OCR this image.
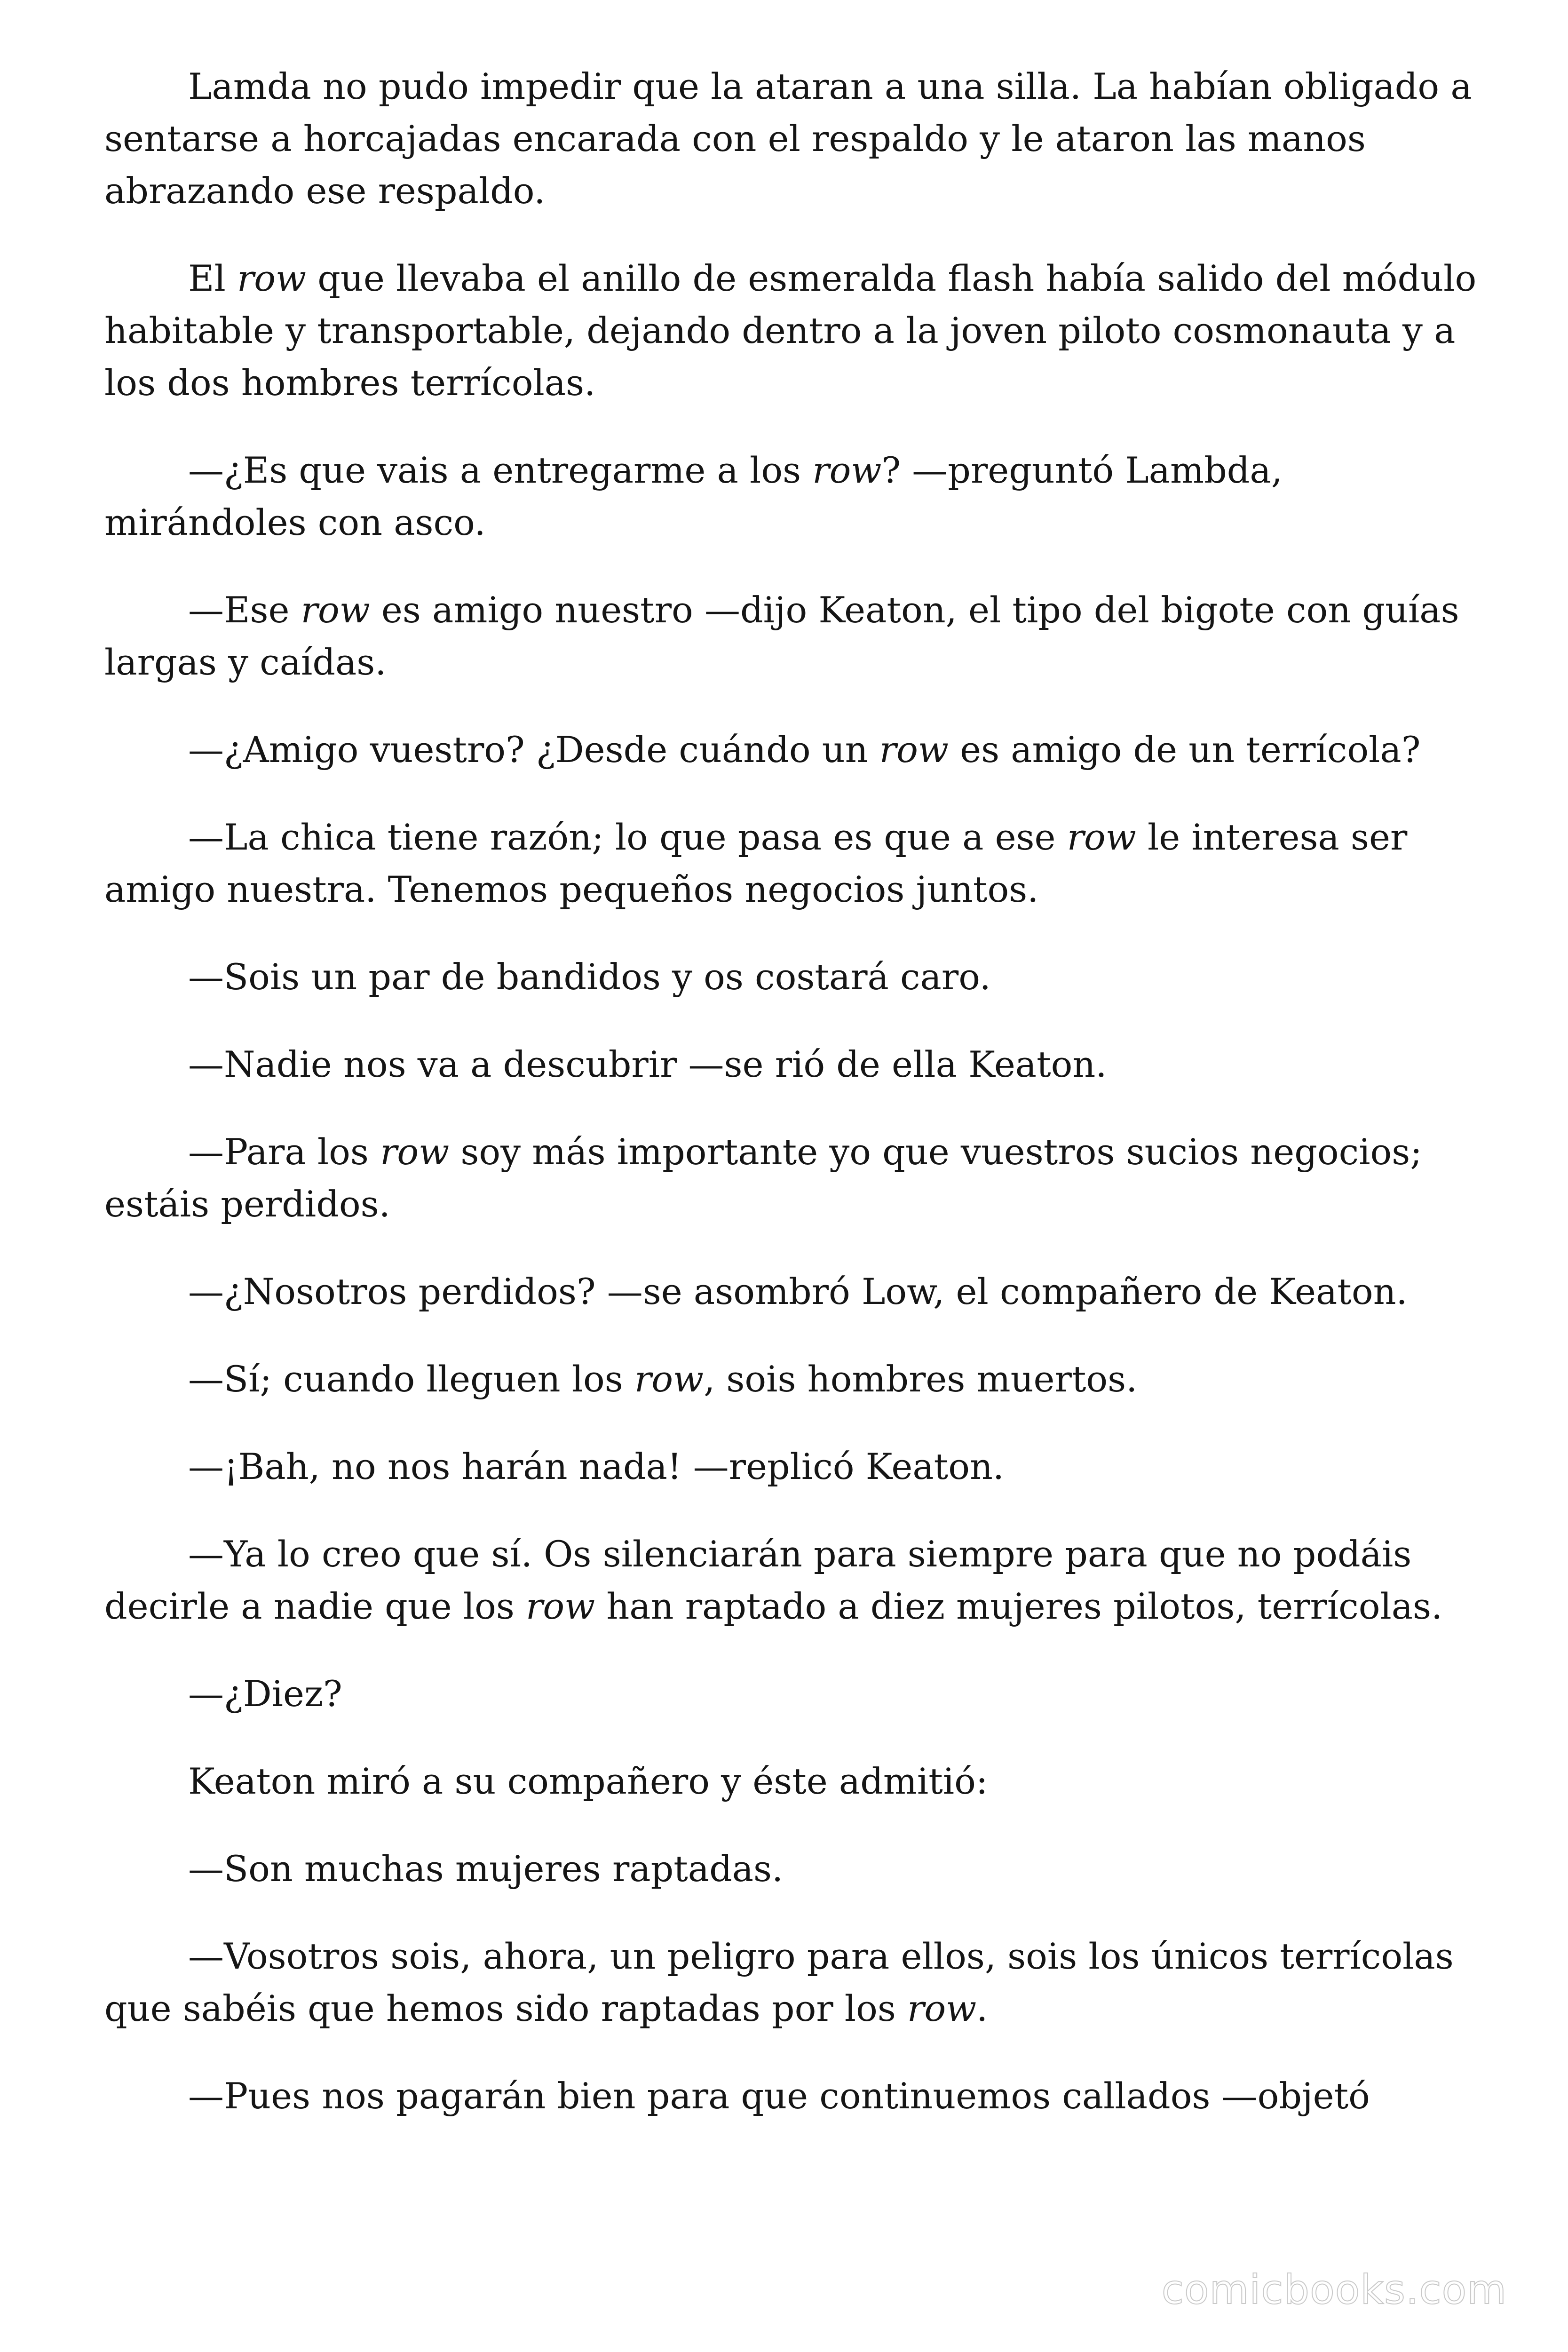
Lamda no pudo impedir que la ataran a una silla. La habían obligado a sentarse a horcajadas encarada con el respaldo y le ataron las manos abrazando ese respaldo.

El row que llevaba el anillo de esmeralda flash había salido del módulo habitable y transportable, dejando dentro a la joven piloto cosmonauta y a los dos hombres terrícolas.

—¿Es que vais a entregarme a los row? —preguntó Lambda, mirándoles con asco.

—Ese row es amigo nuestro —dijo Keaton, el tipo del bigote con guías largas y caídas.

—¿Amigo vuestro? ¿Desde cuándo un row es amigo de un terrícola?

—La chica tiene razón; lo que pasa es que a ese row le interesa ser amigo nuestra. Tenemos pequeños negocios juntos.

—Sois un par de bandidos y os costará caro.

—Nadie nos va a descubrir —se rió de ella Keaton.

—Para los row soy más importante yo que vuestros sucios negocios; estáis perdidos.

—¿Nosotros perdidos? —se asombró Low, el compañero de Keaton.

—Sí; cuando lleguen los row, sois hombres muertos.

—¡Bah, no nos harán nada! —replicó Keaton.

—Ya lo creo que sí. Os silenciarán para siempre para que no podáis decirle a nadie que los row han raptado a diez mujeres pilotos, terrícolas.

—¿Diez?

Keaton miró a su compañero y éste admitió:

—Son muchas mujeres raptadas.

—Vosotros sois, ahora, un peligro para ellos, sois los únicos terrícolas que sabéis que hemos sido raptadas por los row.

—Pues nos pagarán bien para que continuemos callados —objetó

comicbooks.com
